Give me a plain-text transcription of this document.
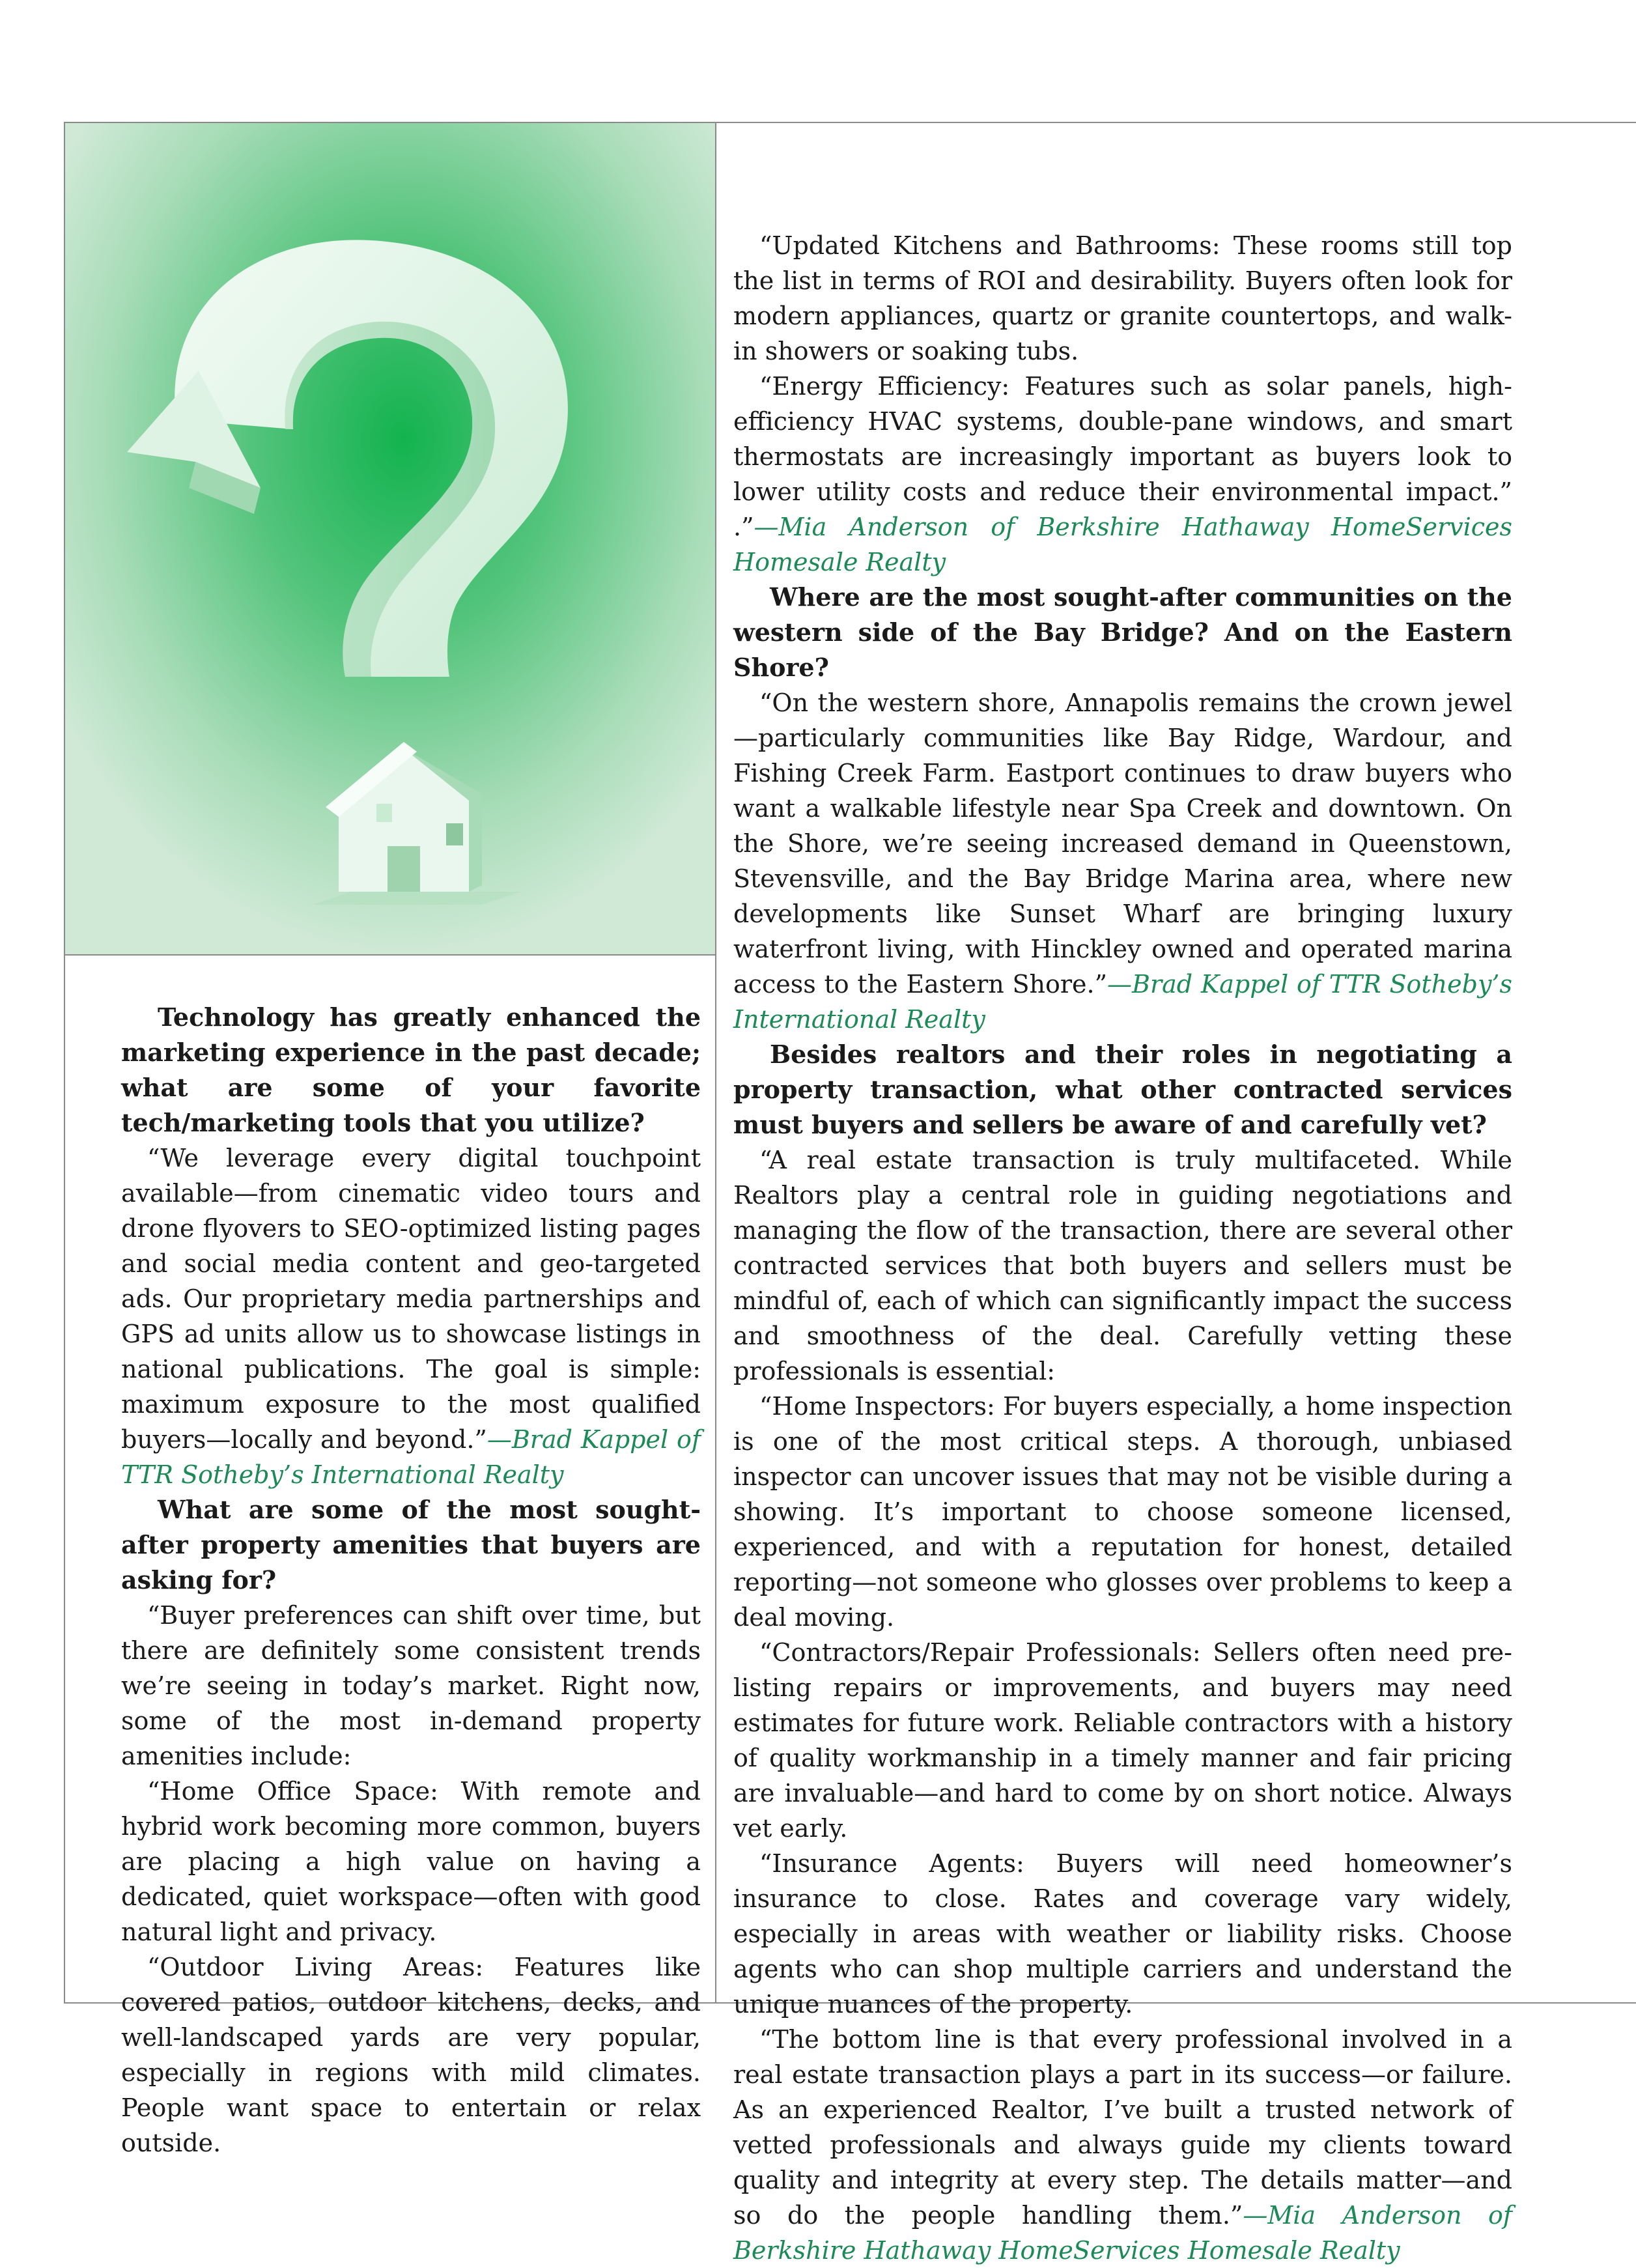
Technology has greatly enhanced the marketing experience in the past decade; what are some of your favorite tech/marketing tools that you utilize?

“We leverage every digital touchpoint available—from cinematic video tours and drone flyovers to SEO-optimized listing pages and social media content and geo-targeted ads. Our proprietary media partnerships and GPS ad units allow us to showcase listings in national publications. The goal is simple: maximum exposure to the most qualified buyers—locally and beyond.”—Brad Kappel of TTR Sotheby’s International Realty

What are some of the most sought-after property amenities that buyers are asking for?

“Buyer preferences can shift over time, but there are definitely some consistent trends we’re seeing in today’s market. Right now, some of the most in-demand property amenities include:

“Home Office Space: With remote and hybrid work becoming more common, buyers are placing a high value on having a dedicated, quiet workspace—often with good natural light and privacy.

“Outdoor Living Areas: Features like covered patios, outdoor kitchens, decks, and well-landscaped yards are very popular, especially in regions with mild climates. People want space to entertain or relax outside.

“Updated Kitchens and Bathrooms: These rooms still top the list in terms of ROI and desirability. Buyers often look for modern appliances, quartz or granite countertops, and walk-in showers or soaking tubs.

“Energy Efficiency: Features such as solar panels, high-efficiency HVAC systems, double-pane windows, and smart thermostats are increasingly important as buyers look to lower utility costs and reduce their environmental impact.” .”—Mia Anderson of Berkshire Hathaway HomeServices Homesale Realty

Where are the most sought-after communities on the western side of the Bay Bridge? And on the Eastern Shore?

“On the western shore, Annapolis remains the crown jewel—particularly communities like Bay Ridge, Wardour, and Fishing Creek Farm. Eastport continues to draw buyers who want a walkable lifestyle near Spa Creek and downtown. On the Shore, we’re seeing increased demand in Queenstown, Stevensville, and the Bay Bridge Marina area, where new developments like Sunset Wharf are bringing luxury waterfront living, with Hinckley owned and operated marina access to the Eastern Shore.”—Brad Kappel of TTR Sotheby’s International Realty

Besides realtors and their roles in negotiating a property transaction, what other contracted services must buyers and sellers be aware of and carefully vet?

“A real estate transaction is truly multifaceted. While Realtors play a central role in guiding negotiations and managing the flow of the transaction, there are several other contracted services that both buyers and sellers must be mindful of, each of which can significantly impact the success and smoothness of the deal. Carefully vetting these professionals is essential:

“Home Inspectors: For buyers especially, a home inspection is one of the most critical steps. A thorough, unbiased inspector can uncover issues that may not be visible during a showing. It’s important to choose someone licensed, experienced, and with a reputation for honest, detailed reporting—not someone who glosses over problems to keep a deal moving.

“Contractors/Repair Professionals: Sellers often need pre-listing repairs or improvements, and buyers may need estimates for future work. Reliable contractors with a history of quality workmanship in a timely manner and fair pricing are invaluable—and hard to come by on short notice. Always vet early.

“Insurance Agents: Buyers will need homeowner’s insurance to close. Rates and coverage vary widely, especially in areas with weather or liability risks. Choose agents who can shop multiple carriers and understand the unique nuances of the property.

“The bottom line is that every professional involved in a real estate transaction plays a part in its success—or failure. As an experienced Realtor, I’ve built a trusted network of vetted professionals and always guide my clients toward quality and integrity at every step. The details matter—and so do the people handling them.”—Mia Anderson of Berkshire Hathaway HomeServices Homesale Realty
